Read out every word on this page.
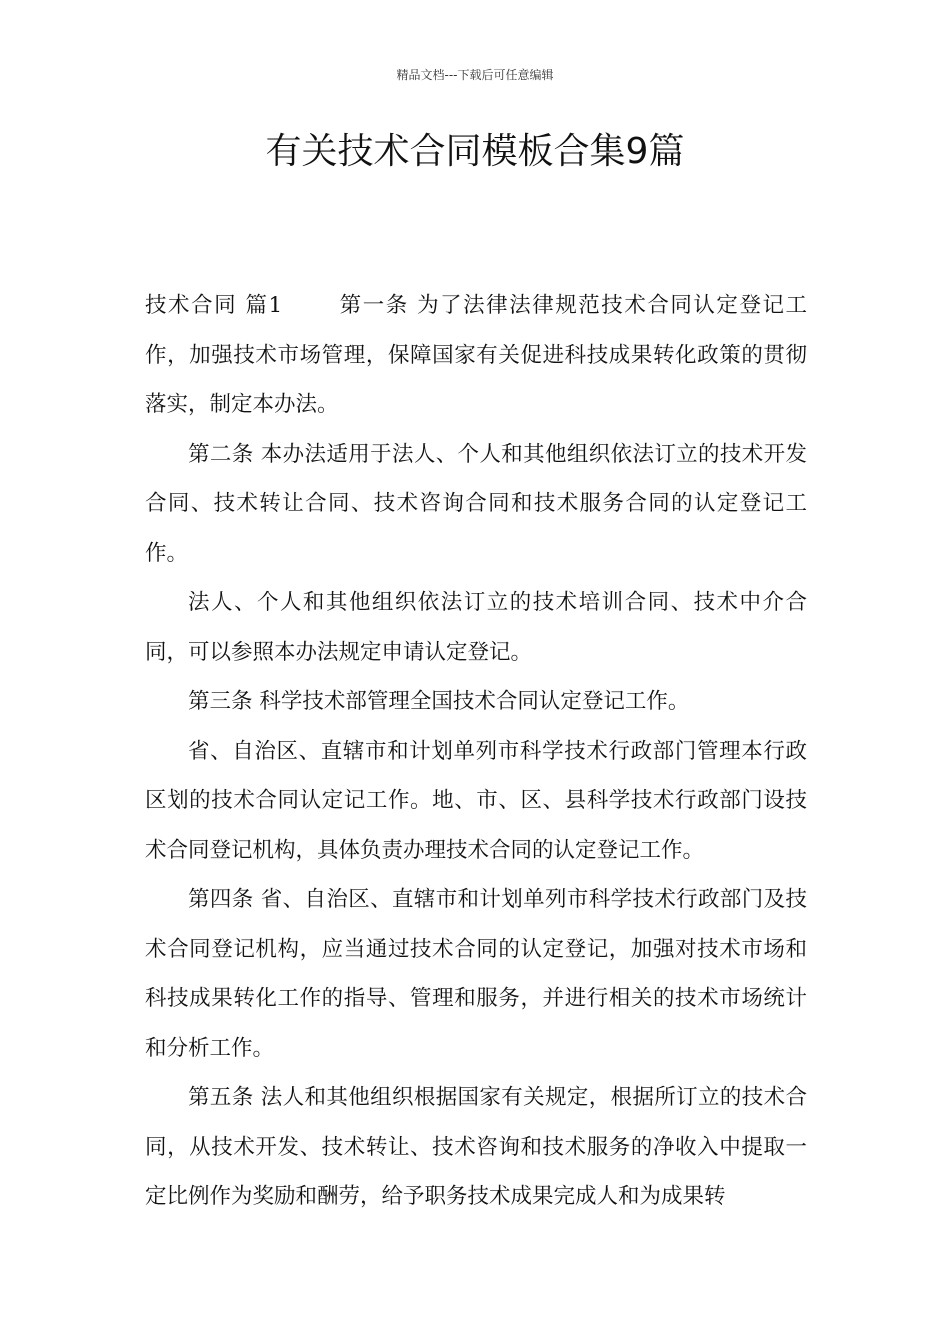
精品文档---下载后可任意编辑
有关技术合同模板合集9篇

技术合同 篇1	第一条 为了法律法律规范技术合同认定登记工作，加强技术市场管理，保障国家有关促进科技成果转化政策的贯彻落实，制定本办法。

第二条 本办法适用于法人、个人和其他组织依法订立的技术开发合同、技术转让合同、技术咨询合同和技术服务合同的认定登记工作。

法人、个人和其他组织依法订立的技术培训合同、技术中介合同，可以参照本办法规定申请认定登记。

第三条 科学技术部管理全国技术合同认定登记工作。

省、自治区、直辖市和计划单列市科学技术行政部门管理本行政区划的技术合同认定记工作。地、市、区、县科学技术行政部门设技术合同登记机构，具体负责办理技术合同的认定登记工作。

第四条 省、自治区、直辖市和计划单列市科学技术行政部门及技术合同登记机构，应当通过技术合同的认定登记，加强对技术市场和科技成果转化工作的指导、管理和服务，并进行相关的技术市场统计和分析工作。

第五条 法人和其他组织根据国家有关规定，根据所订立的技术合同，从技术开发、技术转让、技术咨询和技术服务的净收入中提取一定比例作为奖励和酬劳，给予职务技术成果完成人和为成果转
